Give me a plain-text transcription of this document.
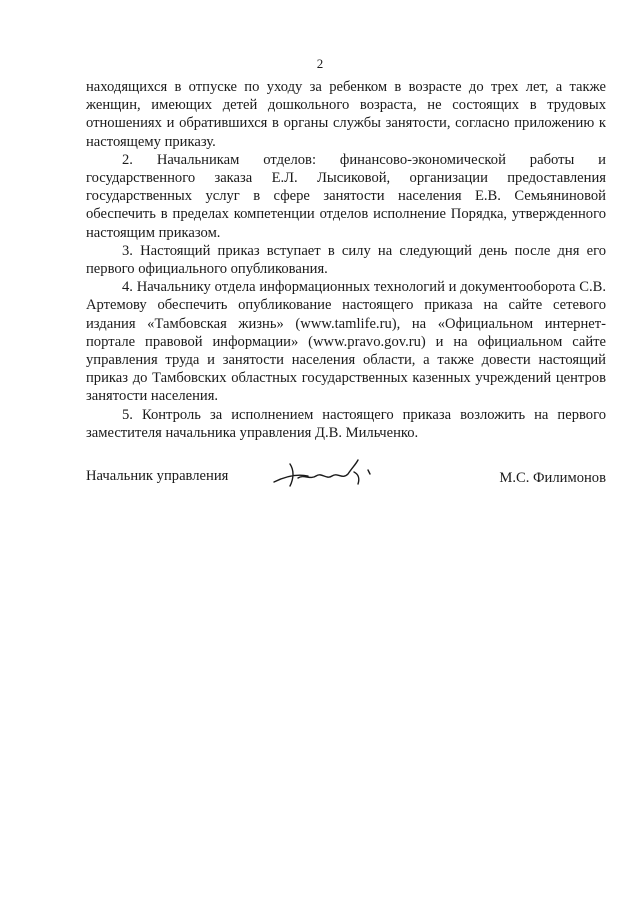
2

находящихся в отпуске по уходу за ребенком в возрасте до трех лет, а также женщин, имеющих детей дошкольного возраста, не состоящих в трудовых отношениях и обратившихся в органы службы занятости, согласно приложению к настоящему приказу.

2. Начальникам отделов: финансово-экономической работы и государственного заказа Е.Л. Лысиковой, организации предоставления государственных услуг в сфере занятости населения Е.В. Семьяниновой обеспечить в пределах компетенции отделов исполнение Порядка, утвержденного настоящим приказом.

3. Настоящий приказ вступает в силу на следующий день после дня его первого официального опубликования.

4. Начальнику отдела информационных технологий и документооборота С.В. Артемову обеспечить опубликование настоящего приказа на сайте сетевого издания «Тамбовская жизнь» (www.tamlife.ru), на «Официальном интернет-портале правовой информации» (www.pravo.gov.ru) и на официальном сайте управления труда и занятости населения области, а также довести настоящий приказ до Тамбовских областных государственных казенных учреждений центров занятости населения.

5. Контроль за исполнением настоящего приказа возложить на первого заместителя начальника управления Д.В. Мильченко.

Начальник управления	М.С. Филимонов
